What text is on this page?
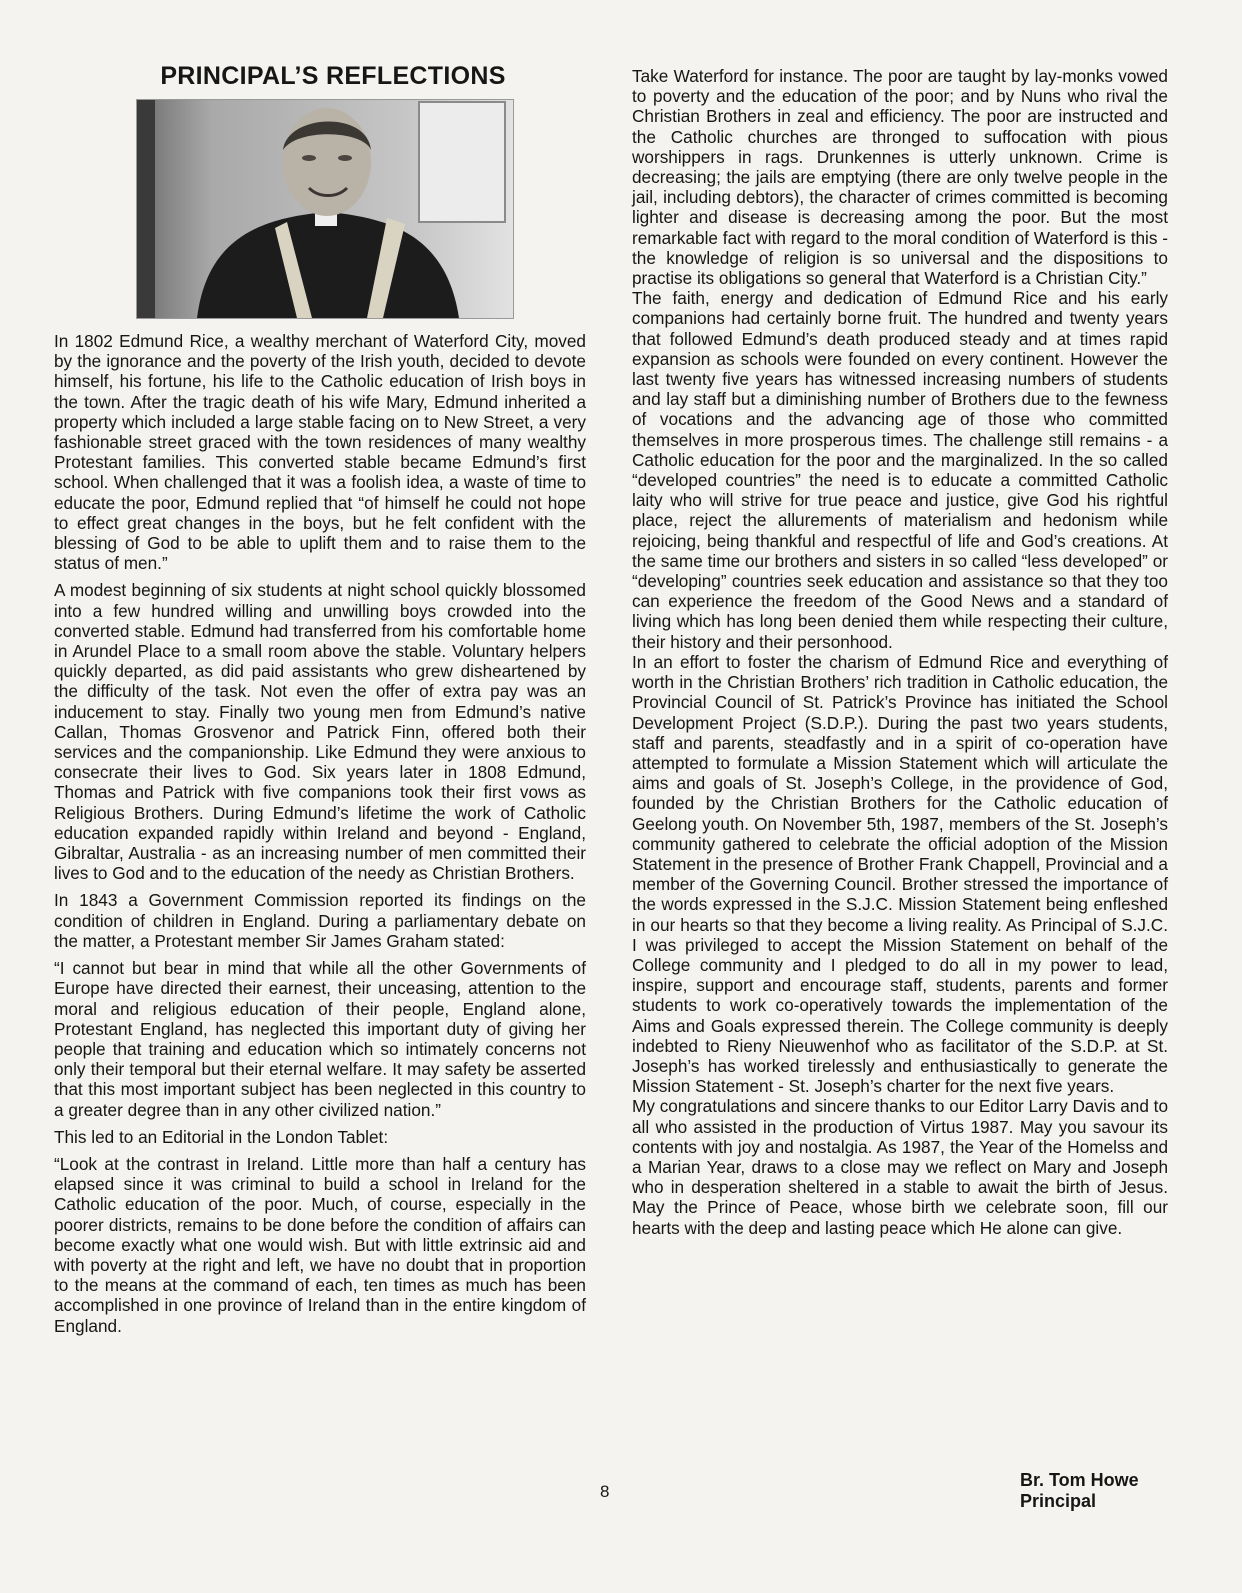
PRINCIPAL’S REFLECTIONS

In 1802 Edmund Rice, a wealthy merchant of Waterford City, moved by the ignorance and the poverty of the Irish youth, decided to devote himself, his fortune, his life to the Catholic education of Irish boys in the town. After the tragic death of his wife Mary, Edmund inherited a property which included a large stable facing on to New Street, a very fashionable street graced with the town residences of many wealthy Protestant families. This converted stable became Edmund’s first school. When challenged that it was a foolish idea, a waste of time to educate the poor, Edmund replied that “of himself he could not hope to effect great changes in the boys, but he felt confident with the blessing of God to be able to uplift them and to raise them to the status of men.”

A modest beginning of six students at night school quickly blossomed into a few hundred willing and unwilling boys crowded into the converted stable. Edmund had transferred from his comfortable home in Arundel Place to a small room above the stable. Voluntary helpers quickly departed, as did paid assistants who grew disheartened by the difficulty of the task. Not even the offer of extra pay was an inducement to stay. Finally two young men from Edmund’s native Callan, Thomas Grosvenor and Patrick Finn, offered both their services and the companionship. Like Edmund they were anxious to consecrate their lives to God. Six years later in 1808 Edmund, Thomas and Patrick with five companions took their first vows as Religious Brothers. During Edmund’s lifetime the work of Catholic education expanded rapidly within Ireland and beyond - England, Gibraltar, Australia - as an increasing number of men committed their lives to God and to the education of the needy as Christian Brothers.

In 1843 a Government Commission reported its findings on the condition of children in England. During a parliamentary debate on the matter, a Protestant member Sir James Graham stated:

“I cannot but bear in mind that while all the other Governments of Europe have directed their earnest, their unceasing, attention to the moral and religious education of their people, England alone, Protestant England, has neglected this important duty of giving her people that training and education which so intimately concerns not only their temporal but their eternal welfare. It may safety be asserted that this most important subject has been neglected in this country to a greater degree than in any other civilized nation.”

This led to an Editorial in the London Tablet:

“Look at the contrast in Ireland. Little more than half a century has elapsed since it was criminal to build a school in Ireland for the Catholic education of the poor. Much, of course, especially in the poorer districts, remains to be done before the condition of affairs can become exactly what one would wish. But with little extrinsic aid and with poverty at the right and left, we have no doubt that in proportion to the means at the command of each, ten times as much has been accomplished in one province of Ireland than in the entire kingdom of England.

Take Waterford for instance. The poor are taught by lay-monks vowed to poverty and the education of the poor; and by Nuns who rival the Christian Brothers in zeal and efficiency. The poor are instructed and the Catholic churches are thronged to suffocation with pious worshippers in rags. Drunkennes is utterly unknown. Crime is decreasing; the jails are emptying (there are only twelve people in the jail, including debtors), the character of crimes committed is becoming lighter and disease is decreasing among the poor. But the most remarkable fact with regard to the moral condition of Waterford is this - the knowledge of religion is so universal and the dispositions to practise its obligations so general that Waterford is a Christian City.”

The faith, energy and dedication of Edmund Rice and his early companions had certainly borne fruit. The hundred and twenty years that followed Edmund’s death produced steady and at times rapid expansion as schools were founded on every continent. However the last twenty five years has witnessed increasing numbers of students and lay staff but a diminishing number of Brothers due to the fewness of vocations and the advancing age of those who committed themselves in more prosperous times. The challenge still remains - a Catholic education for the poor and the marginalized. In the so called “developed countries” the need is to educate a committed Catholic laity who will strive for true peace and justice, give God his rightful place, reject the allurements of materialism and hedonism while rejoicing, being thankful and respectful of life and God’s creations. At the same time our brothers and sisters in so called “less developed” or “developing” countries seek education and assistance so that they too can experience the freedom of the Good News and a standard of living which has long been denied them while respecting their culture, their history and their personhood.

In an effort to foster the charism of Edmund Rice and everything of worth in the Christian Brothers’ rich tradition in Catholic education, the Provincial Council of St. Patrick’s Province has initiated the School Development Project (S.D.P.). During the past two years students, staff and parents, steadfastly and in a spirit of co-operation have attempted to formulate a Mission Statement which will articulate the aims and goals of St. Joseph’s College, in the providence of God, founded by the Christian Brothers for the Catholic education of Geelong youth. On November 5th, 1987, members of the St. Joseph’s community gathered to celebrate the official adoption of the Mission Statement in the presence of Brother Frank Chappell, Provincial and a member of the Governing Council. Brother stressed the importance of the words expressed in the S.J.C. Mission Statement being enfleshed in our hearts so that they become a living reality. As Principal of S.J.C. I was privileged to accept the Mission Statement on behalf of the College community and I pledged to do all in my power to lead, inspire, support and encourage staff, students, parents and former students to work co-operatively towards the implementation of the Aims and Goals expressed therein. The College community is deeply indebted to Rieny Nieuwenhof who as facilitator of the S.D.P. at St. Joseph’s has worked tirelessly and enthusiastically to generate the Mission Statement - St. Joseph’s charter for the next five years.

My congratulations and sincere thanks to our Editor Larry Davis and to all who assisted in the production of Virtus 1987. May you savour its contents with joy and nostalgia. As 1987, the Year of the Homelss and a Marian Year, draws to a close may we reflect on Mary and Joseph who in desperation sheltered in a stable to await the birth of Jesus. May the Prince of Peace, whose birth we celebrate soon, fill our hearts with the deep and lasting peace which He alone can give.

8
Br. Tom Howe
Principal
